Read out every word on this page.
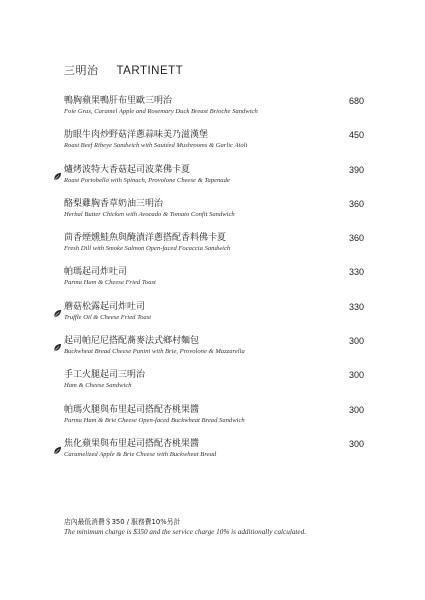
三明治 TARTINETT
鴨胸蘋果鴨肝布里歐三明治
Foie Gras, Caramel Apple and Rosemary Duck Breast Brioche Sandwich
680
肋眼牛肉炒野菇洋蔥蒜味美乃滋漢堡
Roast Beef Ribeye Sandwich with Sautéed Mushrooms & Garlic Aioli
450
爐烤波特大香菇起司波菜佛卡夏
Roast Portobello with Spinach, Provolone Cheese & Tapenade
390
酪梨雞胸香草奶油三明治
Herbal Butter Chicken with Avocado & Tomato Confit Sandwich
360
茴香煙燻鮭魚與醃漬洋蔥搭配香料佛卡夏
Fresh Dill with Smoke Salmon Open-faced Focaccia Sandwich
360
帕瑪起司炸吐司
Parma Ham & Cheese Fried Toast
330
蘑菇松露起司炸吐司
Truffle Oil & Cheese Fried Toast
330
起司帕尼尼搭配蕎麥法式鄉村麵包
Buckwheat Bread Cheese Panini with Brie, Provolone & Mazzarella
300
手工火腿起司三明治
Ham & Cheese Sandwich
300
帕瑪火腿與布里起司搭配杏桃果醬
Parma Ham & Brie Cheese Open-faced Buckwheat Bread Sandwich
300
焦化蘋果與布里起司搭配杏桃果醬
Caramelized Apple & Brie Cheese with Buckwheat Bread
300
店內最低消費＄350 / 服務費10%另計
The minimum charge is $350 and the service charge 10% is additionally calculated.
